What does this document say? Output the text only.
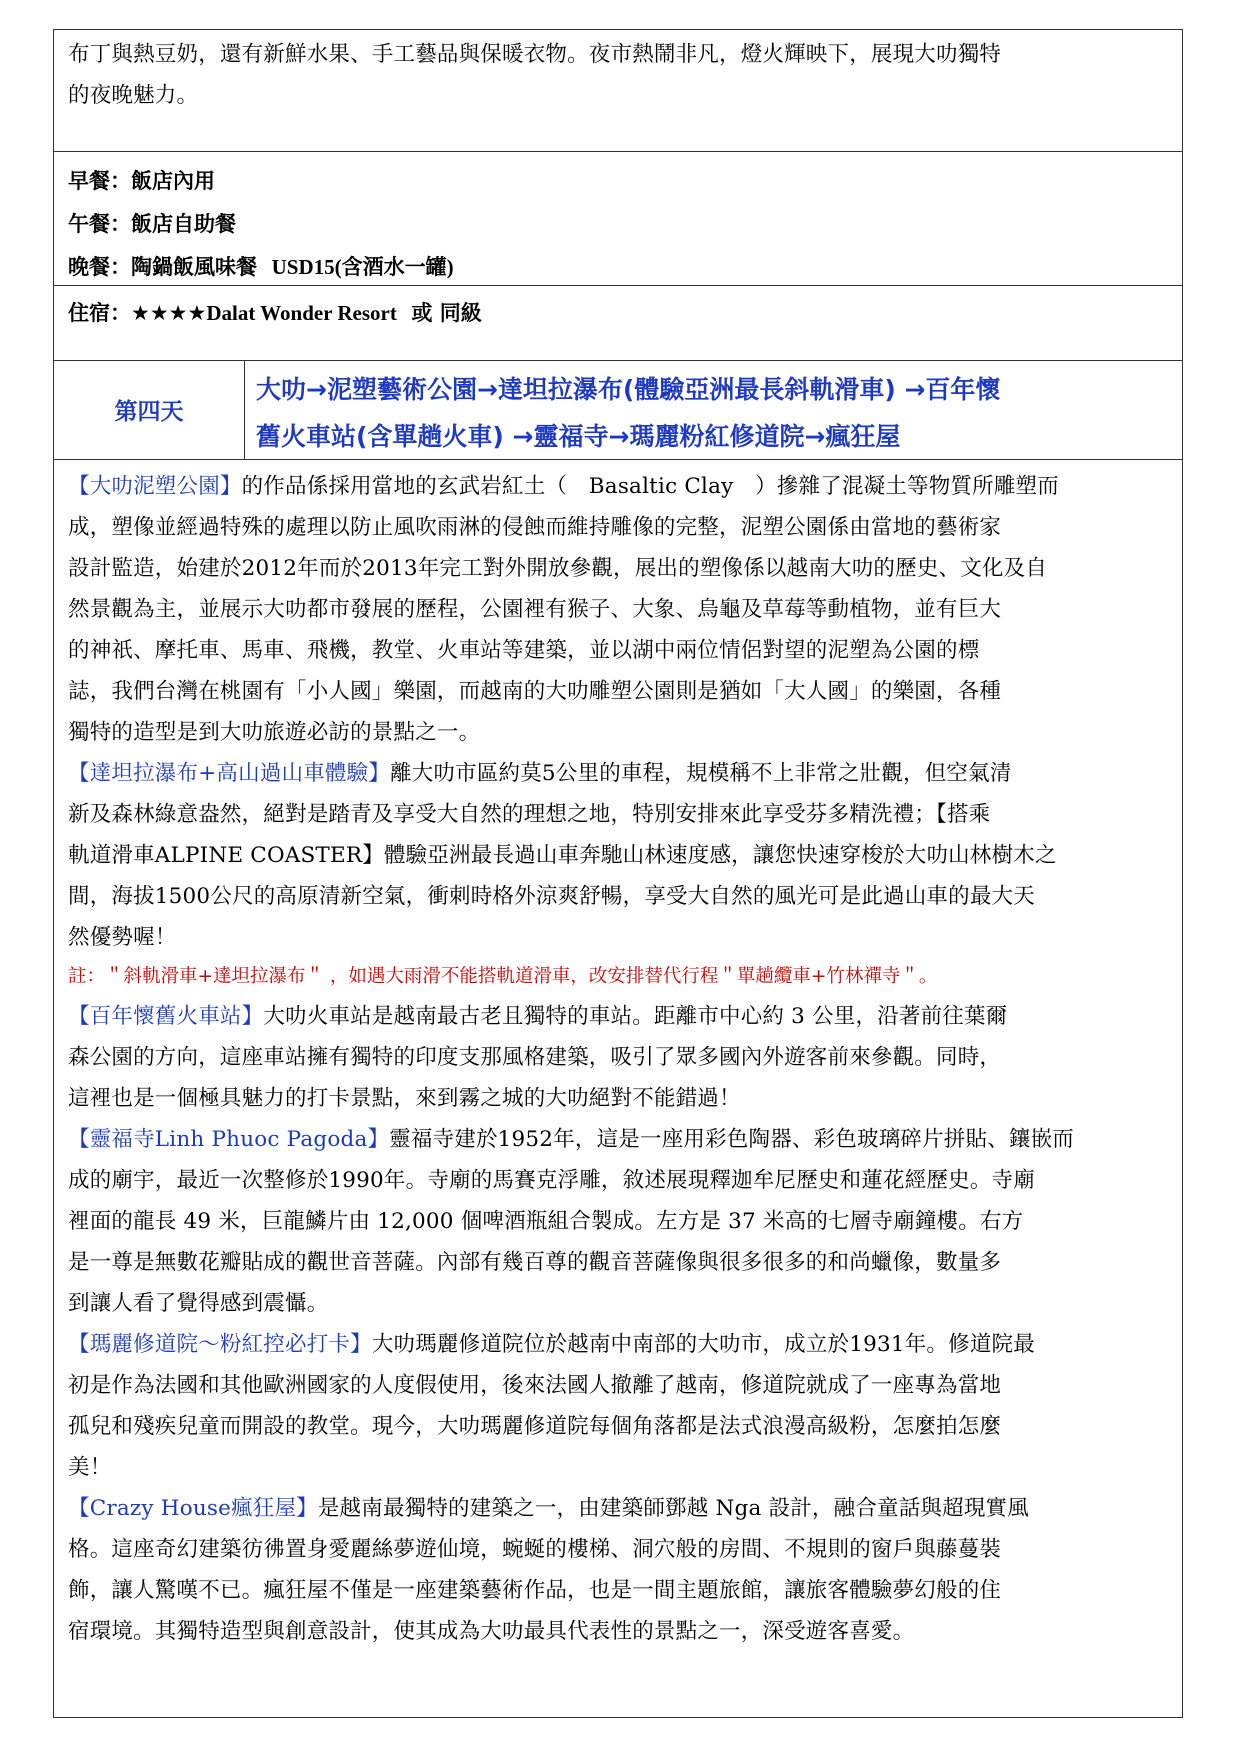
布丁與熱豆奶，還有新鮮水果、手工藝品與保暖衣物。夜市熱鬧非凡，燈火輝映下，展現大叻獨特

的夜晚魅力。

早餐：飯店內用

午餐：飯店自助餐

晚餐：陶鍋飯風味餐 USD15(含酒水一罐)

住宿：★★★★Dalat Wonder Resort 或 同級

第四天

大叻→泥塑藝術公園→達坦拉瀑布(體驗亞洲最長斜軌滑車) →百年懷

舊火車站(含單趟火車) →靈福寺→瑪麗粉紅修道院→瘋狂屋

【大叻泥塑公園】的作品係採用當地的玄武岩紅土（　Basaltic Clay　）摻雜了混凝土等物質所雕塑而

成，塑像並經過特殊的處理以防止風吹雨淋的侵蝕而維持雕像的完整，泥塑公園係由當地的藝術家

設計監造，始建於2012年而於2013年完工對外開放參觀，展出的塑像係以越南大叻的歷史、文化及自

然景觀為主，並展示大叻都市發展的歷程，公園裡有猴子、大象、烏龜及草莓等動植物，並有巨大

的神祇、摩托車、馬車、飛機，教堂、火車站等建築，並以湖中兩位情侶對望的泥塑為公園的標

誌，我們台灣在桃園有「小人國」樂園，而越南的大叻雕塑公園則是猶如「大人國」的樂園，各種

獨特的造型是到大叻旅遊必訪的景點之一。

【達坦拉瀑布+高山過山車體驗】離大叻市區約莫5公里的車程，規模稱不上非常之壯觀，但空氣清

新及森林綠意盎然，絕對是踏青及享受大自然的理想之地，特別安排來此享受芬多精洗禮；【搭乘

軌道滑車ALPINE COASTER】體驗亞洲最長過山車奔馳山林速度感，讓您快速穿梭於大叻山林樹木之

間，海拔1500公尺的高原清新空氣，衝刺時格外涼爽舒暢，享受大自然的風光可是此過山車的最大天

然優勢喔！

註：＂斜軌滑車+達坦拉瀑布＂ ，如遇大雨滑不能搭軌道滑車，改安排替代行程＂單趟纜車+竹林禪寺＂。

【百年懷舊火車站】大叻火車站是越南最古老且獨特的車站。距離市中心約 3 公里，沿著前往葉爾

森公園的方向，這座車站擁有獨特的印度支那風格建築，吸引了眾多國內外遊客前來參觀。同時，

這裡也是一個極具魅力的打卡景點，來到霧之城的大叻絕對不能錯過！

【靈福寺Linh Phuoc Pagoda】靈福寺建於1952年，這是一座用彩色陶器、彩色玻璃碎片拼貼、鑲嵌而

成的廟宇，最近一次整修於1990年。寺廟的馬賽克浮雕，敘述展現釋迦牟尼歷史和蓮花經歷史。寺廟

裡面的龍長 49 米，巨龍鱗片由 12,000 個啤酒瓶組合製成。左方是 37 米高的七層寺廟鐘樓。右方

是一尊是無數花瓣貼成的觀世音菩薩。內部有幾百尊的觀音菩薩像與很多很多的和尚蠟像，數量多

到讓人看了覺得感到震懾。

【瑪麗修道院～粉紅控必打卡】大叻瑪麗修道院位於越南中南部的大叻市，成立於1931年。修道院最

初是作為法國和其他歐洲國家的人度假使用，後來法國人撤離了越南，修道院就成了一座專為當地

孤兒和殘疾兒童而開設的教堂。現今，大叻瑪麗修道院每個角落都是法式浪漫高級粉，怎麼拍怎麼

美！

【Crazy House瘋狂屋】是越南最獨特的建築之一，由建築師鄧越 Nga 設計，融合童話與超現實風

格。這座奇幻建築彷彿置身愛麗絲夢遊仙境，蜿蜒的樓梯、洞穴般的房間、不規則的窗戶與藤蔓裝

飾，讓人驚嘆不已。瘋狂屋不僅是一座建築藝術作品，也是一間主題旅館，讓旅客體驗夢幻般的住

宿環境。其獨特造型與創意設計，使其成為大叻最具代表性的景點之一，深受遊客喜愛。
